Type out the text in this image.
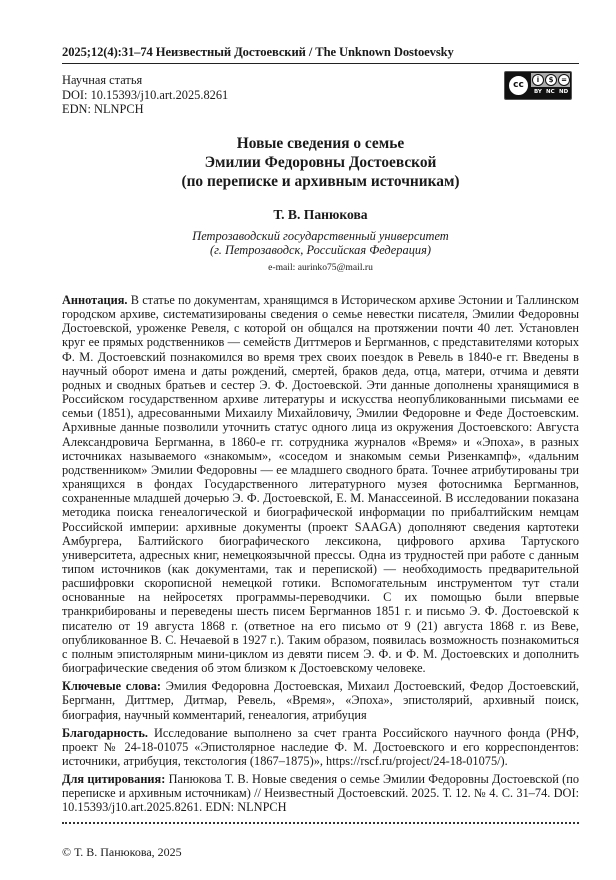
2025;12(4):31–74 Неизвестный Достоевский / The Unknown Dostoevsky
Научная статья
DOI: 10.15393/j10.art.2025.8261
EDN: NLNPCH
cc	i	$	=
BY NC ND
Новые сведения о семье
Эмилии Федоровны Достоевской
(по переписке и архивным источникам)
Т. В. Панюкова
Петрозаводский государственный университет
(г. Петрозаводск, Российская Федерация)
e-mail: aurinko75@mail.ru

Аннотация. В статье по документам, хранящимся в Историческом архиве Эстонии и Таллинском городском архиве, систематизированы сведения о семье невестки писателя, Эмилии Федоровны Достоевской, уроженке Ревеля, с которой он общался на протяжении почти 40 лет. Установлен круг ее прямых родственников — семейств Диттмеров и Бергманнов, с представителями которых Ф. М. Достоевский познакомился во время трех своих поездок в Ревель в 1840-е гг. Введены в научный оборот имена и даты рождений, смертей, браков деда, отца, матери, отчима и девяти родных и сводных братьев и сестер Э. Ф. Достоевской. Эти данные дополнены хранящимися в Российском государственном архиве литературы и искусства неопубликованными письмами ее семьи (1851), адресованными Михаилу Михайловичу, Эмилии Федоровне и Феде Достоевским. Архивные данные позволили уточнить статус одного лица из окружения Достоевского: Августа Александровича Бергманна, в 1860-е гг. сотрудника журналов «Время» и «Эпоха», в разных источниках называемого «знакомым», «соседом и знакомым семьи Ризенкампф», «дальним родственником» Эмилии Федоровны — ее младшего сводного брата. Точнее атрибутированы три хранящихся в фондах Государственного литературного музея фотоснимка Бергманнов, сохраненные младшей дочерью Э. Ф. Достоевской, Е. М. Манассеиной. В исследовании показана методика поиска генеалогической и биографической информации по прибалтийским немцам Российской империи: архивные документы (проект SAAGA) дополняют сведения картотеки Амбургера, Балтийского биографического лексикона, цифрового архива Тартуского университета, адресных книг, немецкоязычной прессы. Одна из трудностей при работе с данным типом источников (как документами, так и перепиской) — необходимость предварительной расшифровки скорописной немецкой готики. Вспомогательным инструментом тут стали основанные на нейросетях программы-переводчики. С их помощью были впервые транкрибированы и переведены шесть писем Бергманнов 1851 г. и письмо Э. Ф. Достоевской к писателю от 19 августа 1868 г. (ответное на его письмо от 9 (21) августа 1868 г. из Веве, опубликованное В. С. Нечаевой в 1927 г.). Таким образом, появилась возможность познакомиться с полным эпистолярным мини-циклом из девяти писем Э. Ф. и Ф. М. Достоевских и дополнить биографические сведения об этом близком к Достоевскому человеке.

Ключевые слова: Эмилия Федоровна Достоевская, Михаил Достоевский, Федор Достоевский, Бергманн, Диттмер, Дитмар, Ревель, «Время», «Эпоха», эпистолярий, архивный поиск, биография, научный комментарий, генеалогия, атрибуция

Благодарность. Исследование выполнено за счет гранта Российского научного фонда (РНФ, проект № 24-18-01075 «Эпистолярное наследие Ф. М. Достоевского и его корреспондентов: источники, атрибуция, текстология (1867–1875)», https://rscf.ru/project/24-18-01075/).

Для цитирования: Панюкова Т. В. Новые сведения о семье Эмилии Федоровны Достоевской (по переписке и архивным источникам) // Неизвестный Достоевский. 2025. Т. 12. № 4. С. 31–74. DOI: 10.15393/j10.art.2025.8261. EDN: NLNPCH

© Т. В. Панюкова, 2025
